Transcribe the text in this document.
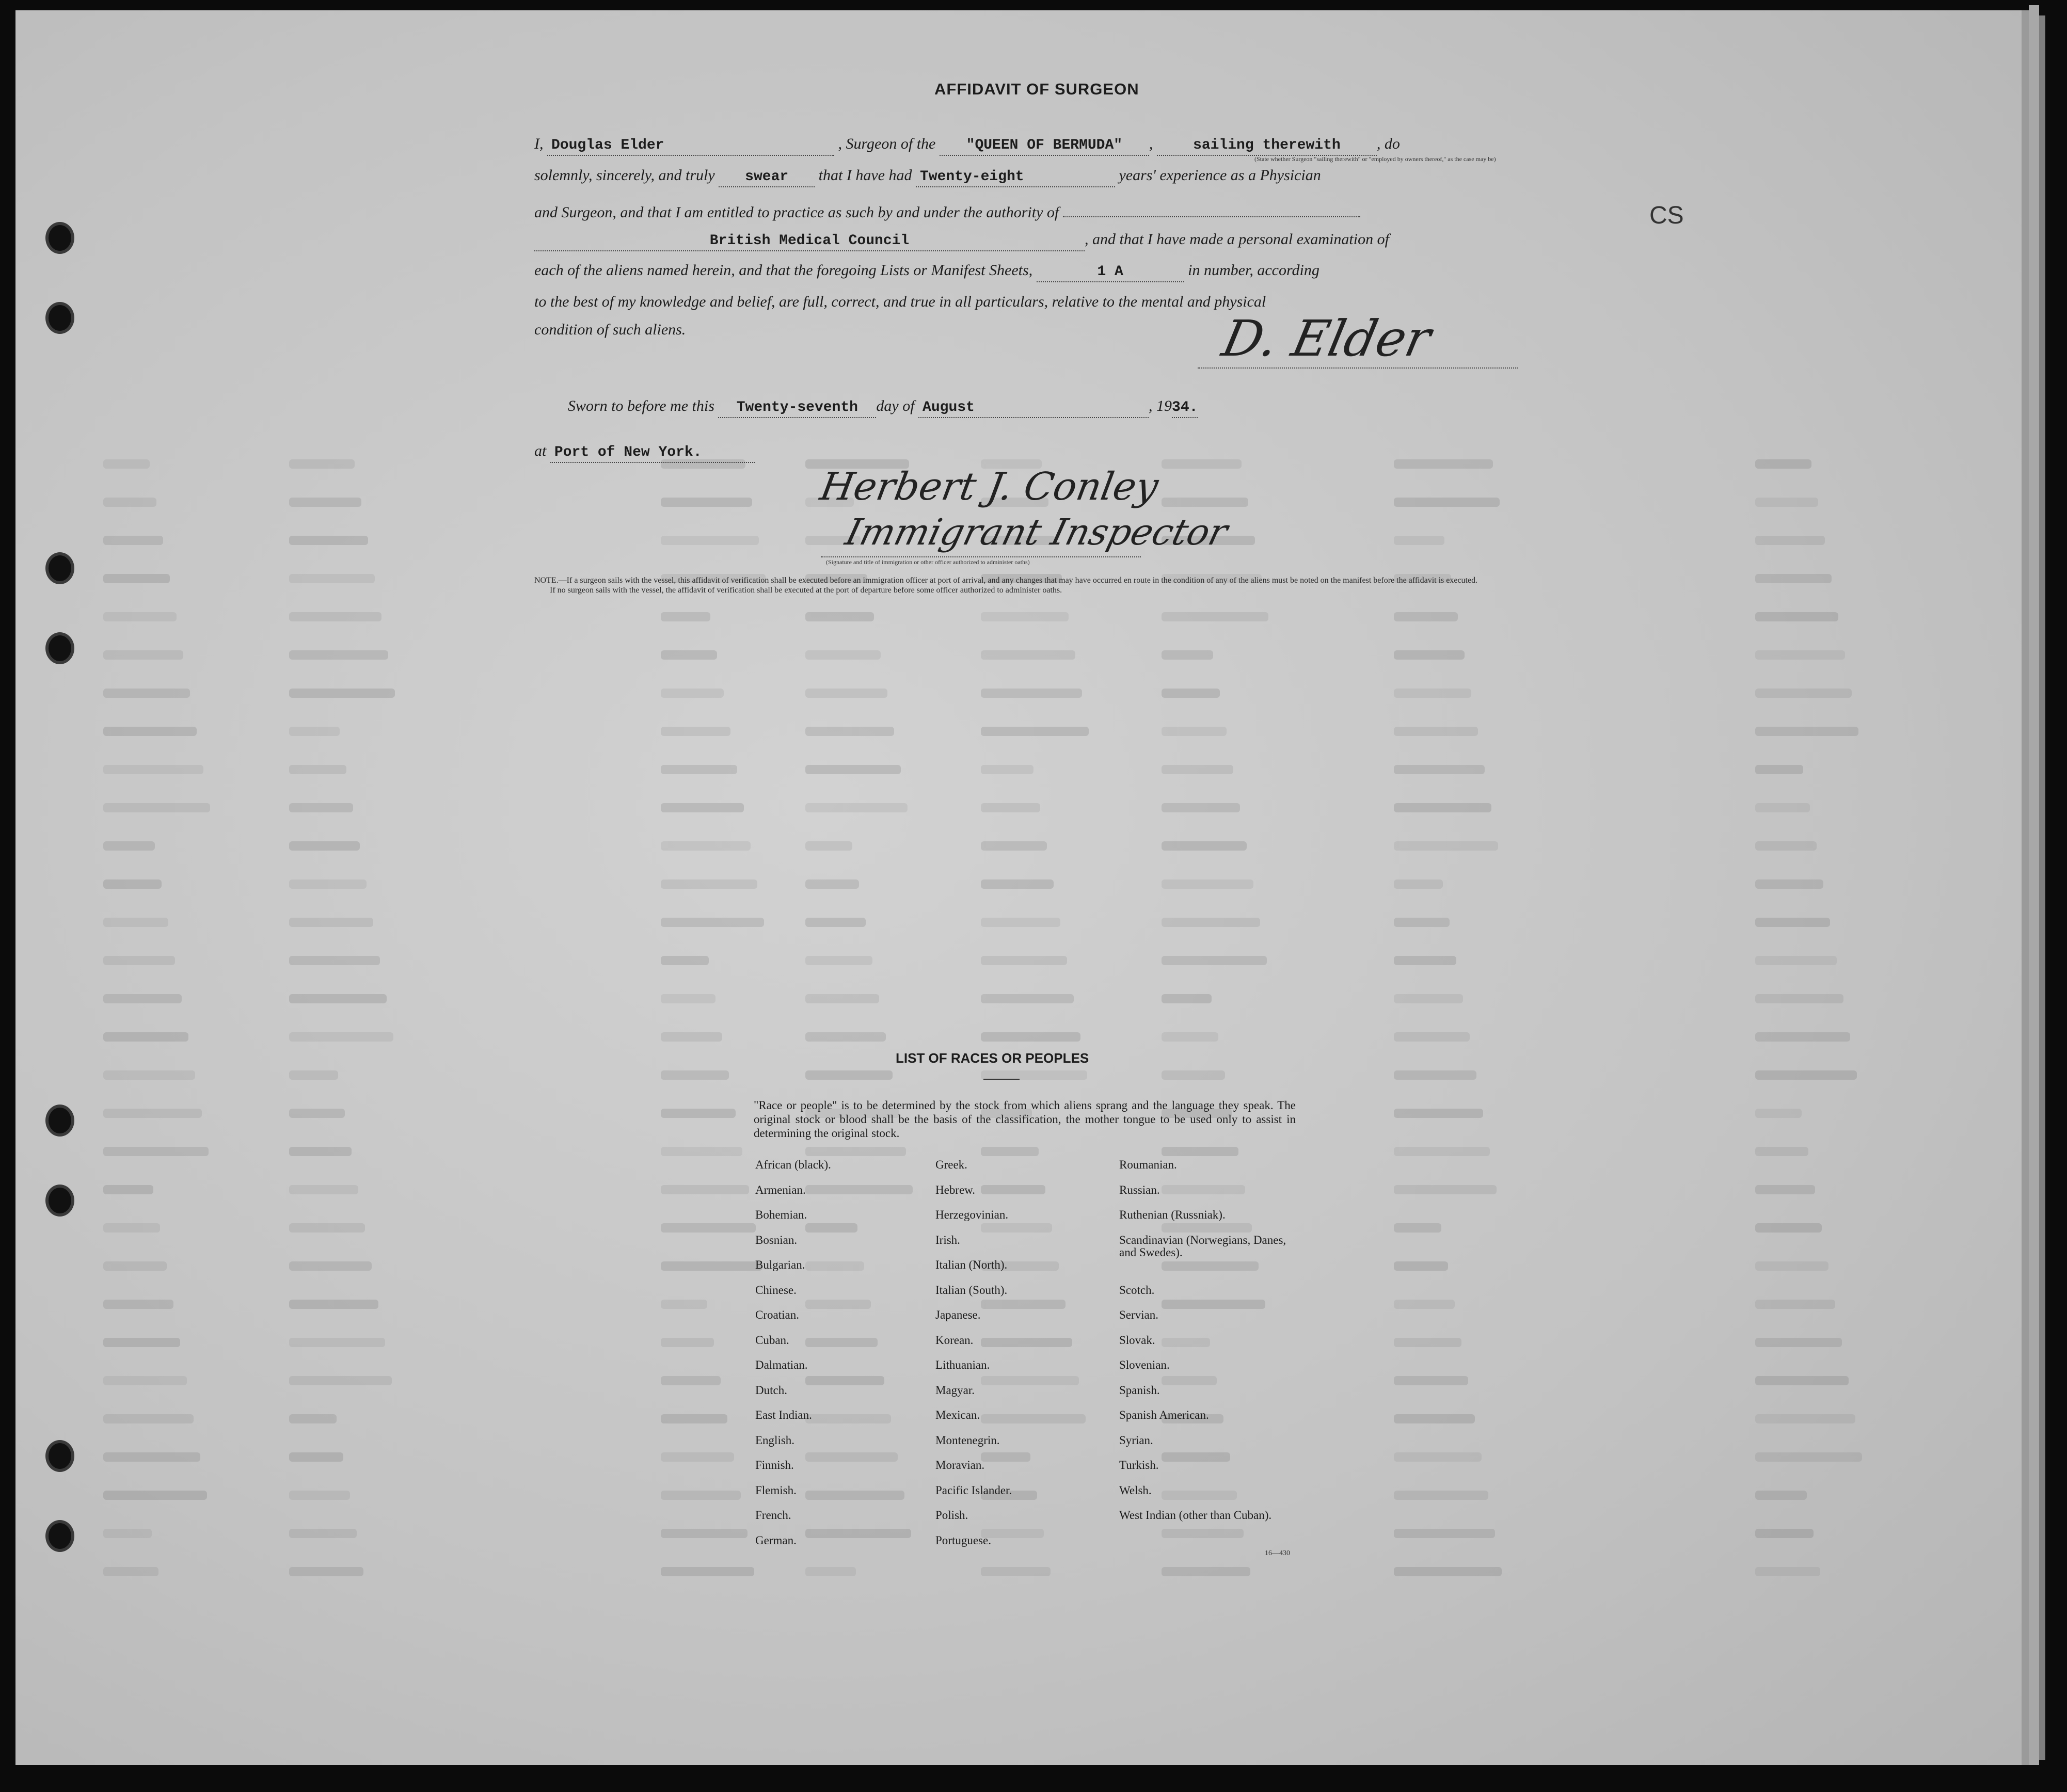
CS
AFFIDAVIT OF SURGEON
I, Douglas Elder	, Surgeon of the "QUEEN OF BERMUDA" ,	sailing therewith , do
(State whether Surgeon "sailing therewith" or "employed by owners thereof," as the case may be)
solemnly, sincerely, and truly swear that I have had Twenty-eight	years' experience as a Physician
and Surgeon, and that I am entitled to practice as such by and under the authority of
British Medical Council	, and that I have made a personal examination of
each of the aliens named herein, and that the foregoing Lists or Manifest Sheets,	1 A	in number, according
to the best of my knowledge and belief, are full, correct, and true in all particulars, relative to the mental and physical
condition of such aliens.	D. Elder
Sworn to before me this Twenty-seventh day of August	, 1934.
at Port of New York.
Herbert J. Conley
Immigrant Inspector
(Signature and title of immigration or other officer authorized to administer oaths)
NOTE.—If a surgeon sails with the vessel, this affidavit of verification shall be executed before an immigration officer at port of arrival, and any changes that may have occurred en route in the condition of any of the aliens must be noted on the manifest before the affidavit is executed.
If no surgeon sails with the vessel, the affidavit of verification shall be executed at the port of departure before some officer authorized to administer oaths.
LIST OF RACES OR PEOPLES
"Race or people" is to be determined by the stock from which aliens sprang and the language they speak. The original stock or blood shall be the basis of the classification, the mother tongue to be used only to assist in determining the original stock.
African (black).
Armenian.
Bohemian.
Bosnian.
Bulgarian.
Chinese.
Croatian.
Cuban.
Dalmatian.
Dutch.
East Indian.
English.
Finnish.
Flemish.
French.
German.
Greek.
Hebrew.
Herzegovinian.
Irish.
Italian (North).
Italian (South).
Japanese.
Korean.
Lithuanian.
Magyar.
Mexican.
Montenegrin.
Moravian.
Pacific Islander.
Polish.
Portuguese.
Roumanian.
Russian.
Ruthenian (Russniak).
Scandinavian (Norwegians, Danes, and Swedes).
Scotch.
Servian.
Slovak.
Slovenian.
Spanish.
Spanish American.
Syrian.
Turkish.
Welsh.
West Indian (other than Cuban).
16—430
